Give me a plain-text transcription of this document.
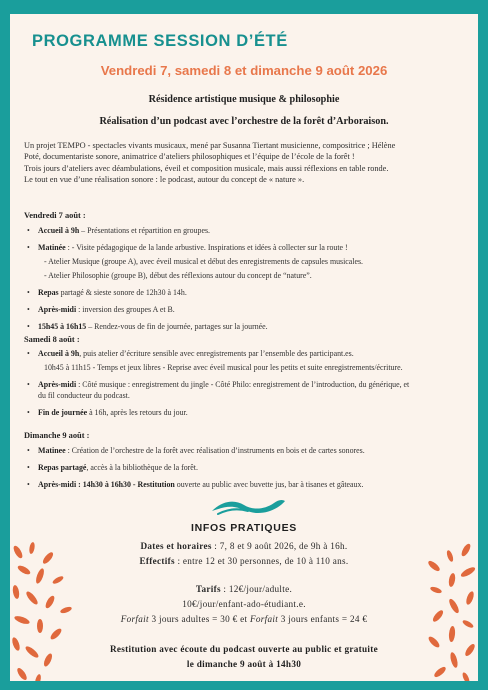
PROGRAMME SESSION D’ÉTÉ
Vendredi 7, samedi 8 et dimanche 9 août 2026
Résidence artistique musique & philosophie
Réalisation d’un podcast avec l’orchestre de la forêt d’Arboraison.
Un projet TEMPO - spectacles vivants musicaux, mené par Susanna Tiertant musicienne, compositrice ; Hélène
Poté, documentariste sonore, animatrice d’ateliers philosophiques et l’équipe de l’école de la forêt !
Trois jours d’ateliers avec déambulations, éveil et composition musicale, mais aussi réflexions en table ronde.
Le tout en vue d’une réalisation sonore : le podcast, autour du concept de « nature ».
Vendredi 7 août :
• Accueil à 9h – Présentations et répartition en groupes.
• Matinée : - Visite pédagogique de la lande arbustive. Inspirations et idées à collecter sur la route !
- Atelier Musique (groupe A), avec éveil musical et début des enregistrements de capsules musicales.
- Atelier Philosophie (groupe B), début des réflexions autour du concept de “nature”.
• Repas partagé & sieste sonore de 12h30 à 14h.
• Après-midi : inversion des groupes A et B.
• 15h45 à 16h15 – Rendez-vous de fin de journée, partages sur la journée.
Samedi 8 août :
• Accueil à 9h, puis atelier d’écriture sensible avec enregistrements par l’ensemble des participant.es.
10h45 à 11h15 - Temps et jeux libres - Reprise avec éveil musical pour les petits et suite enregistrements/écriture.
• Après-midi : Côté musique : enregistrement du jingle - Côté Philo: enregistrement de l’introduction, du générique, et
du fil conducteur du podcast.
• Fin de journée à 16h, après les retours du jour.
Dimanche 9 août :
• Matinee : Création de l’orchestre de la forêt avec réalisation d’instruments en bois et de cartes sonores.
• Repas partagé, accès à la bibliothèque de la forêt.
• Après-midi : 14h30 à 16h30 - Restitution ouverte au public avec buvette jus, bar à tisanes et gâteaux.
INFOS PRATIQUES
Dates et horaires : 7, 8 et 9 août 2026, de 9h à 16h.
Effectifs : entre 12 et 30 personnes, de 10 à 110 ans.
Tarifs : 12€/jour/adulte.
10€/jour/enfant-ado-étudiant.e.
Forfait 3 jours adultes = 30 € et Forfait 3 jours enfants = 24 €
Restitution avec écoute du podcast ouverte au public et gratuite
le dimanche 9 août à 14h30
